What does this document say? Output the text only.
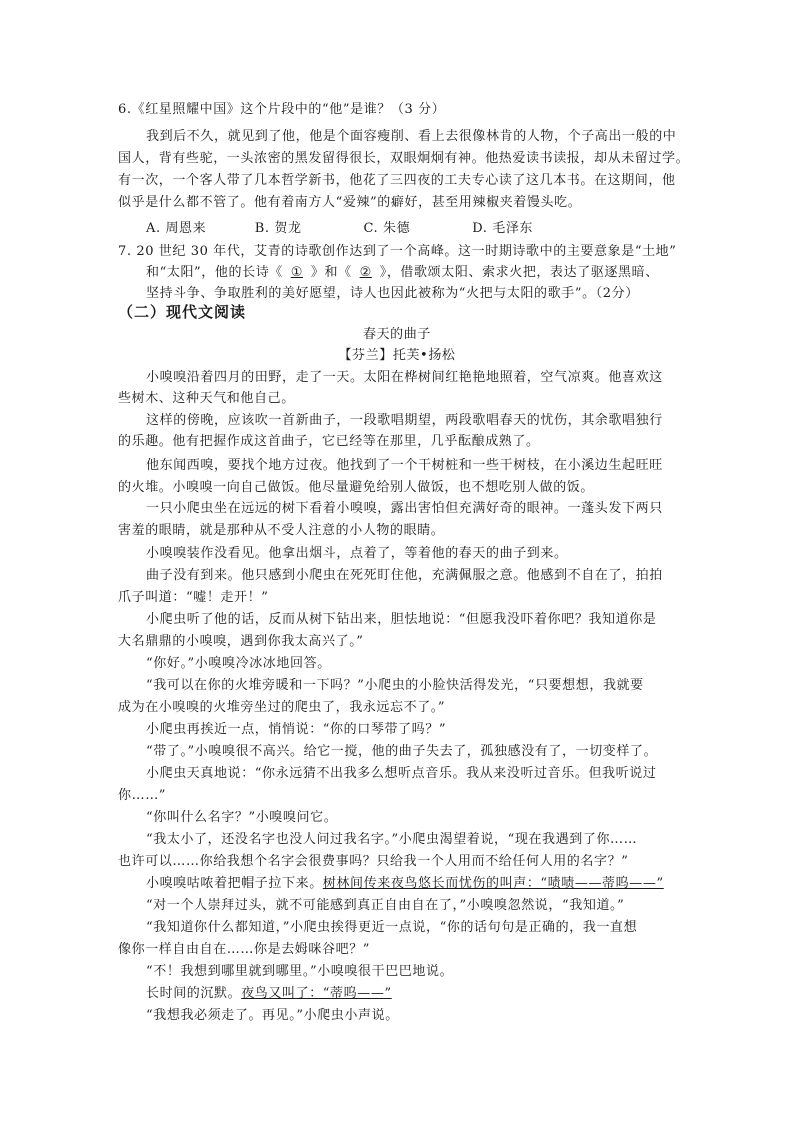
6.《红星照耀中国》这个片段中的“他”是谁？（3 分）
我到后不久，就见到了他，他是个面容瘦削、看上去很像林肯的人物，个子高出一般的中
国人，背有些驼，一头浓密的黑发留得很长，双眼炯炯有神。他热爱读书读报，却从未留过学。
有一次，一个客人带了几本哲学新书，他花了三四夜的工夫专心读了这几本书。在这期间，他
似乎是什么都不管了。他有着南方人“爱辣”的癖好，甚至用辣椒夹着馒头吃。
A. 周恩来	B. 贺龙	C. 朱德	D. 毛泽东
7. 20 世纪 30 年代，艾青的诗歌创作达到了一个高峰。这一时期诗歌中的主要意象是“土地”
和“太阳”，他的长诗《 ① 》和《 ② 》，借歌颂太阳、索求火把，表达了驱逐黑暗、
坚持斗争、争取胜利的美好愿望，诗人也因此被称为“火把与太阳的歌手”。（2分）
（二）现代文阅读
春天的曲子
【芬兰】托芙•扬松
小嗅嗅沿着四月的田野，走了一天。太阳在桦树间红艳艳地照着，空气凉爽。他喜欢这
些树木、这种天气和他自己。
这样的傍晚，应该吹一首新曲子，一段歌唱期望，两段歌唱春天的忧伤，其余歌唱独行
的乐趣。他有把握作成这首曲子，它已经等在那里，几乎酝酿成熟了。
他东闻西嗅，要找个地方过夜。他找到了一个干树桩和一些干树枝，在小溪边生起旺旺
的火堆。小嗅嗅一向自己做饭。他尽量避免给别人做饭，也不想吃别人做的饭。
一只小爬虫坐在远远的树下看着小嗅嗅，露出害怕但充满好奇的眼神。一蓬头发下两只
害羞的眼睛，就是那种从不受人注意的小人物的眼睛。
小嗅嗅装作没看见。他拿出烟斗，点着了，等着他的春天的曲子到来。
曲子没有到来。他只感到小爬虫在死死盯住他，充满佩服之意。他感到不自在了，拍拍
爪子叫道：“嘘！走开！”
小爬虫听了他的话，反而从树下钻出来，胆怯地说：“但愿我没吓着你吧？我知道你是
大名鼎鼎的小嗅嗅，遇到你我太高兴了。”
“你好。”小嗅嗅冷冰冰地回答。
“我可以在你的火堆旁暖和一下吗？”小爬虫的小脸快活得发光，“只要想想，我就要
成为在小嗅嗅的火堆旁坐过的爬虫了，我永远忘不了。”
小爬虫再挨近一点，悄悄说：“你的口琴带了吗？”
“带了。”小嗅嗅很不高兴。给它一搅，他的曲子失去了，孤独感没有了，一切变样了。
小爬虫天真地说：“你永远猜不出我多么想听点音乐。我从来没听过音乐。但我听说过
你……”
“你叫什么名字？”小嗅嗅问它。
“我太小了，还没名字也没人问过我名字。”小爬虫渴望着说，“现在我遇到了你……
也许可以……你给我想个名字会很费事吗？只给我一个人用而不给任何人用的名字？”
小嗅嗅咕哝着把帽子拉下来。树林间传来夜鸟悠长而忧伤的叫声：“啧啧——蒂呜——”
“对一个人崇拜过头，就不可能感到真正自由自在了，”小嗅嗅忽然说，“我知道。”
“我知道你什么都知道，”小爬虫挨得更近一点说，“你的话句句是正确的，我一直想
像你一样自由自在……你是去姆咪谷吧？”
“不！我想到哪里就到哪里。”小嗅嗅很干巴巴地说。
长时间的沉默。夜鸟又叫了：“蒂呜——”
“我想我必须走了。再见。”小爬虫小声说。
